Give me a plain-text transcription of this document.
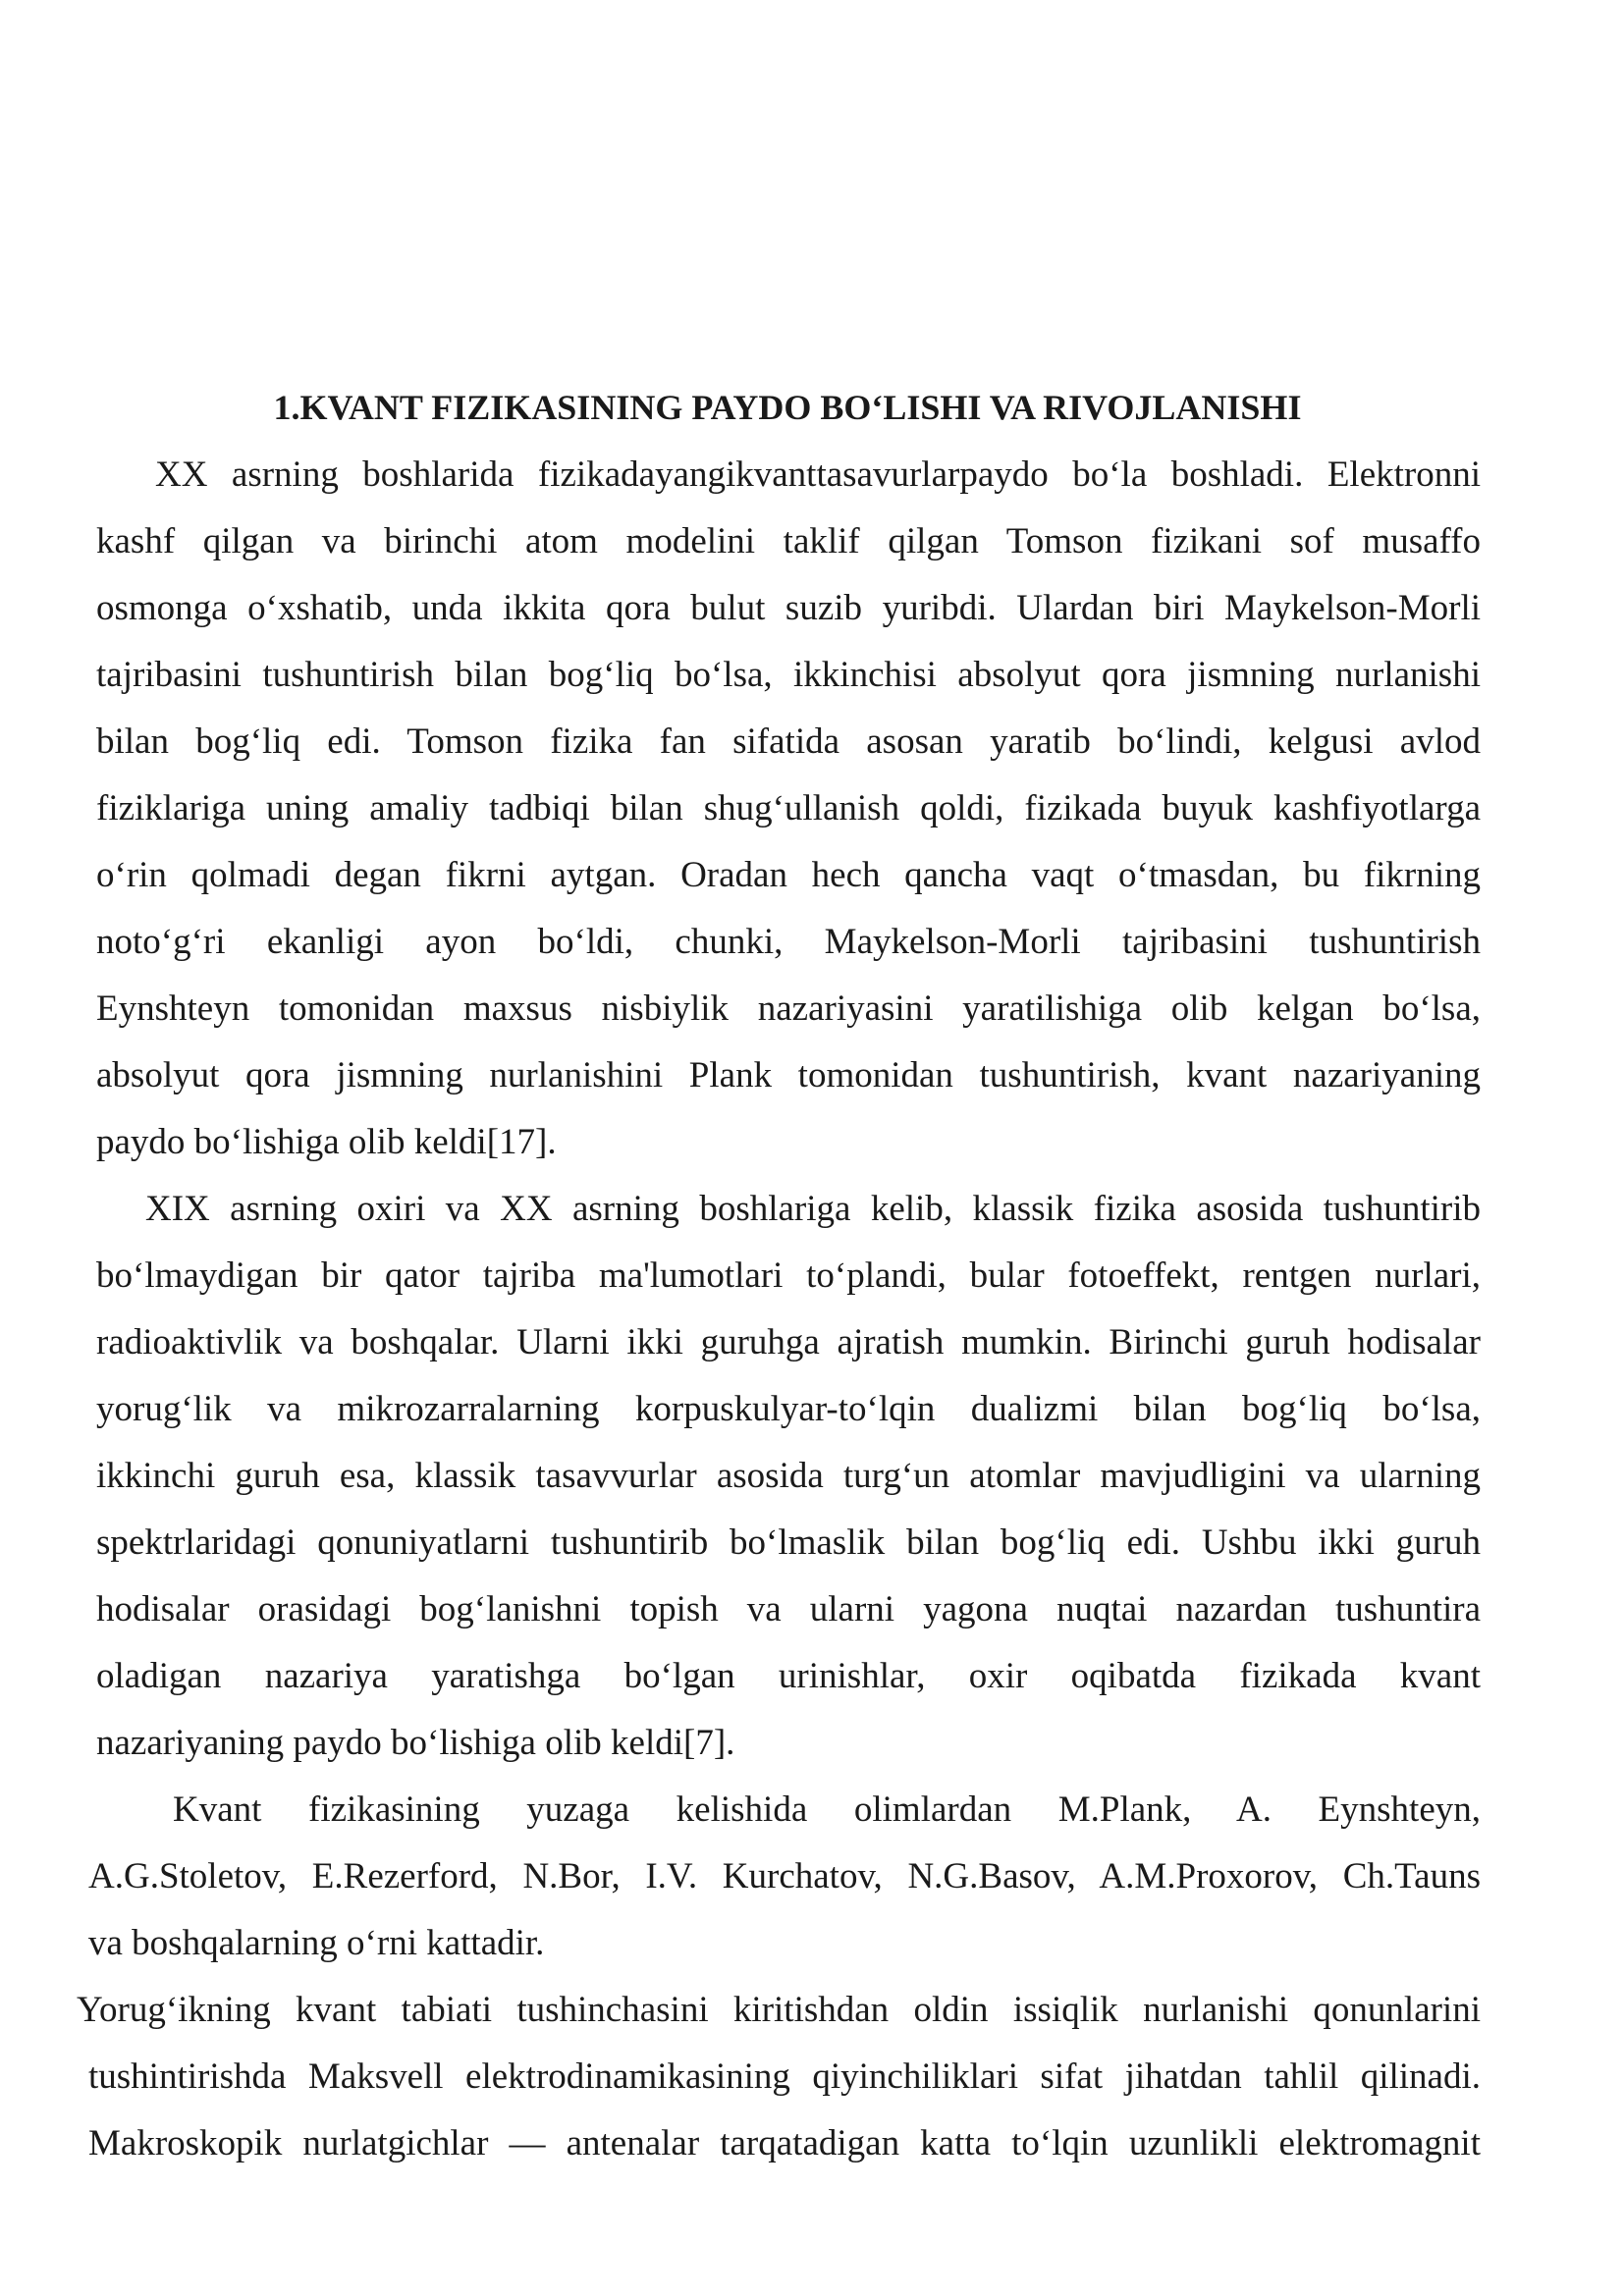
1.KVANT FIZIKASINING PAYDO BO‘LISHI VA RIVOJLANISHI
XX asrning boshlarida fizikadayangikvanttasavurlarpaydo bo‘la boshladi. Elektronni
kashf qilgan va birinchi atom modelini taklif qilgan Tomson fizikani sof musaffo
osmonga o‘xshatib, unda ikkita qora bulut suzib yuribdi. Ulardan biri Maykelson-Morli
tajribasini tushuntirish bilan bog‘liq bo‘lsa, ikkinchisi absolyut qora jismning nurlanishi
bilan bog‘liq edi. Tomson fizika fan sifatida asosan yaratib bo‘lindi, kelgusi avlod
fiziklariga uning amaliy tadbiqi bilan shug‘ullanish qoldi, fizikada buyuk kashfiyotlarga
o‘rin qolmadi degan fikrni aytgan. Oradan hech qancha vaqt o‘tmasdan, bu fikrning
noto‘g‘ri ekanligi ayon bo‘ldi, chunki, Maykelson-Morli tajribasini tushuntirish
Eynshteyn tomonidan maxsus nisbiylik nazariyasini yaratilishiga olib kelgan bo‘lsa,
absolyut qora jismning nurlanishini Plank tomonidan tushuntirish, kvant nazariyaning
paydo bo‘lishiga olib keldi[17].
XIX asrning oxiri va XX asrning boshlariga kelib, klassik fizika asosida tushuntirib
bo‘lmaydigan bir qator tajriba ma'lumotlari to‘plandi, bular fotoeffekt, rentgen nurlari,
radioaktivlik va boshqalar. Ularni ikki guruhga ajratish mumkin. Birinchi guruh hodisalar
yorug‘lik va mikrozarralarning korpuskulyar-to‘lqin dualizmi bilan bog‘liq bo‘lsa,
ikkinchi guruh esa, klassik tasavvurlar asosida turg‘un atomlar mavjudligini va ularning
spektrlaridagi qonuniyatlarni tushuntirib bo‘lmaslik bilan bog‘liq edi. Ushbu ikki guruh
hodisalar orasidagi bog‘lanishni topish va ularni yagona nuqtai nazardan tushuntira
oladigan nazariya yaratishga bo‘lgan urinishlar, oxir oqibatda fizikada kvant
nazariyaning paydo bo‘lishiga olib keldi[7].
Kvant fizikasining yuzaga kelishida olimlardan M.Plank, A. Eynshteyn,
A.G.Stoletov, E.Rezerford, N.Bor, I.V. Kurchatov, N.G.Basov, A.M.Proxorov, Ch.Tauns
va boshqalarning o‘rni kattadir.
Yorug‘ikning kvant tabiati tushinchasini kiritishdan oldin issiqlik nurlanishi qonunlarini
tushintirishda Maksvell elektrodinamikasining qiyinchiliklari sifat jihatdan tahlil qilinadi.
Makroskopik nurlatgichlar — antenalar tarqatadigan katta to‘lqin uzunlikli elektromagnit
